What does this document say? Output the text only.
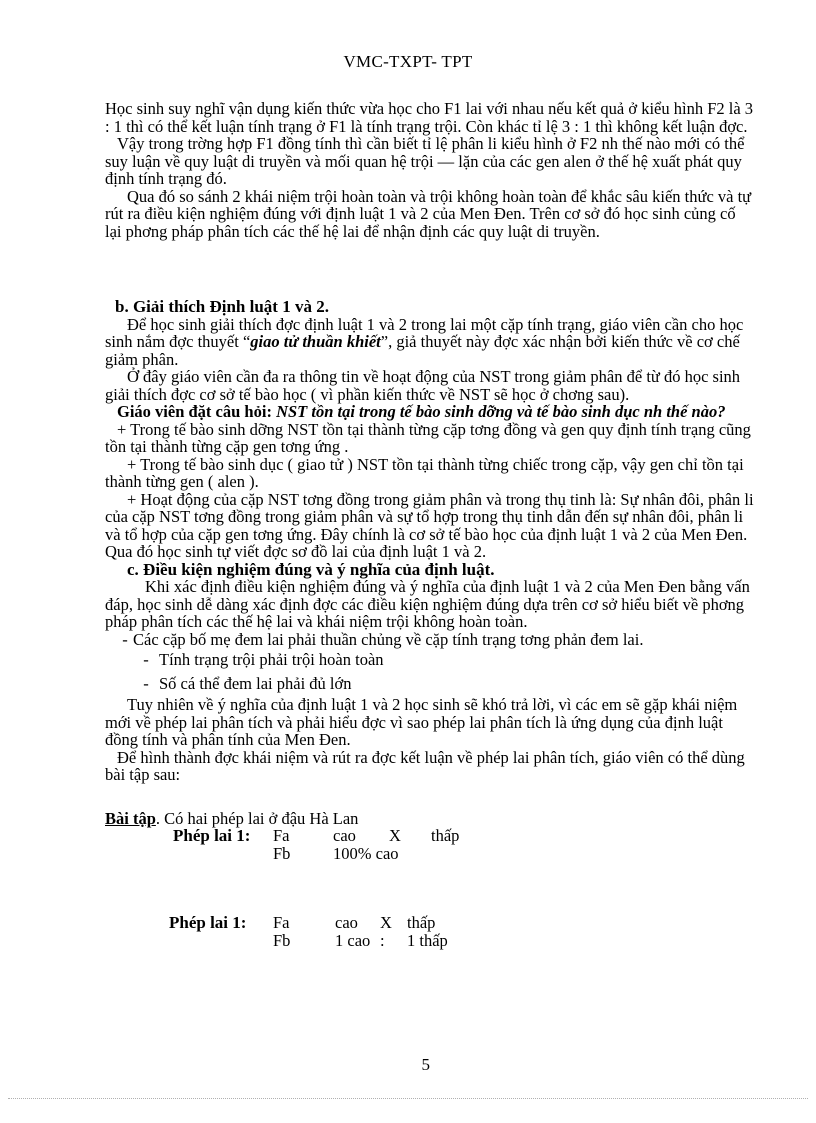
VMC-TXPT- TPT

Học sinh suy nghĩ vận dụng kiến thức vừa học cho F1 lai với nhau nếu kết quả ở kiểu hình F2 là 3 : 1 thì có thể kết luận tính trạng ở F1 là tính trạng trội. Còn khác tỉ lệ 3 : 1 thì không kết luận đợc.

Vậy trong trờng hợp F1 đồng tính thì cần biết tỉ lệ phân li kiểu hình ở F2 nh thế nào mới có thể suy luận về quy luật di truyền và mối quan hệ trội — lặn của các gen alen ở thế hệ xuất phát quy định tính trạng đó.

Qua đó so sánh 2 khái niệm trội hoàn toàn và trội không hoàn toàn để khắc sâu kiến thức và tự rút ra điều kiện nghiệm đúng với định luật 1 và 2 của Men Đen. Trên cơ sở đó học sinh củng cố lại phơng pháp phân tích các thế hệ lai để nhận định các quy luật di truyền.

b. Giải thích Định luật 1 và 2.

Để học sinh giải thích đợc định luật 1 và 2 trong lai một cặp tính trạng, giáo viên cần cho học sinh nắm đợc thuyết “giao tử thuần khiết”, giả thuyết này đợc xác nhận bởi kiến thức về cơ chế giảm phân.

Ở đây giáo viên cần đa ra thông tin về hoạt động của NST trong giảm phân để từ đó học sinh giải thích đợc cơ sở tế bào học ( vì phần kiến thức về NST sẽ học ở chơng sau).

Giáo viên đặt câu hỏi: NST tồn tại trong tế bào sinh dỡng và tế bào sinh dục nh thế nào?

+ Trong tế bào sinh dỡng NST tồn tại thành từng cặp tơng đồng và gen quy định tính trạng cũng tồn tại thành từng cặp gen tơng ứng .

+ Trong tế bào sinh dục ( giao tử ) NST tồn tại thành từng chiếc trong cặp, vậy gen chỉ tồn tại thành từng gen ( alen ).

+ Hoạt động của cặp NST tơng đồng trong giảm phân và trong thụ tinh là: Sự nhân đôi, phân li của cặp NST tơng đồng trong giảm phân và sự tổ hợp trong thụ tinh dẫn đến sự nhân đôi, phân li và tổ hợp của cặp gen tơng ứng. Đây chính là cơ sở tế bào học của định luật 1 và 2 của Men Đen. Qua đó học sinh tự viết đợc sơ đồ lai của định luật 1 và 2.

c. Điều kiện nghiệm đúng và ý nghĩa của định luật.

Khi xác định điều kiện nghiệm đúng và ý nghĩa của định luật 1 và 2 của Men Đen bằng vấn đáp, học sinh dễ dàng xác định đợc các điều kiện nghiệm đúng dựa trên cơ sở hiểu biết về phơng pháp phân tích các thế hệ lai và khái niệm trội không hoàn toàn.

- Các cặp bố mẹ đem lai phải thuần chủng về cặp tính trạng tơng phản đem lai.
- Tính trạng trội phải trội hoàn toàn
- Số cá thể đem lai phải đủ lớn

Tuy nhiên về ý nghĩa của định luật 1 và 2 học sinh sẽ khó trả lời, vì các em sẽ gặp khái niệm mới về phép lai phân tích và phải hiểu đợc vì sao phép lai phân tích là ứng dụng của định luật đồng tính và phân tính của Men Đen.

Để hình thành đợc khái niệm và rút ra đợc kết luận về phép lai phân tích, giáo viên có thể dùng bài tập sau:

Bài tập. Có hai phép lai ở đậu Hà Lan

Phép lai 1:	Fa	cao	X	thấp
Fb	100% cao
Phép lai 1:	Fa	cao	X thấp
Fb	1 cao :	1 thấp
5
